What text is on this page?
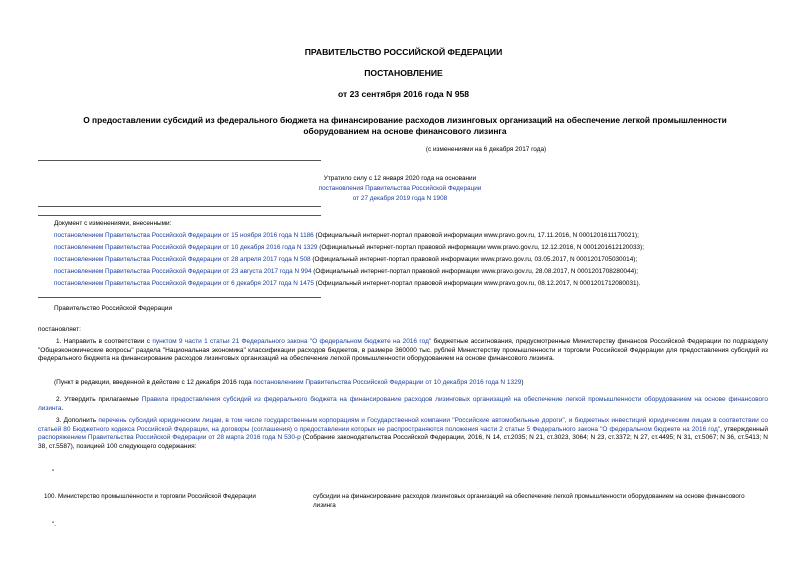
ПРАВИТЕЛЬСТВО РОССИЙСКОЙ ФЕДЕРАЦИИ
ПОСТАНОВЛЕНИЕ
от 23 сентября 2016 года N 958
О предоставлении субсидий из федерального бюджета на финансирование расходов лизинговых организаций на обеспечение легкой промышленности оборудованием на основе финансового лизинга
(с изменениями на 6 декабря 2017 года)
Утратило силу с 12 января 2020 года на основании
постановления Правительства Российской Федерации
от 27 декабря 2019 года N 1908
Документ с изменениями, внесенными:
постановлением Правительства Российской Федерации от 15 ноября 2016 года N 1186 (Официальный интернет-портал правовой информации www.pravo.gov.ru, 17.11.2016, N 0001201611170021);
постановлением Правительства Российской Федерации от 10 декабря 2016 года N 1329 (Официальный интернет-портал правовой информации www.pravo.gov.ru, 12.12.2016, N 0001201612120033);
постановлением Правительства Российской Федерации от 28 апреля 2017 года N 508 (Официальный интернет-портал правовой информации www.pravo.gov.ru, 03.05.2017, N 0001201705030014);
постановлением Правительства Российской Федерации от 23 августа 2017 года N 994 (Официальный интернет-портал правовой информации www.pravo.gov.ru, 28.08.2017, N 0001201708280044);
постановлением Правительства Российской Федерации от 6 декабря 2017 года N 1475 (Официальный интернет-портал правовой информации www.pravo.gov.ru, 08.12.2017, N 0001201712080031).
Правительство Российской Федерации
постановляет:
1. Направить в соответствии с пунктом 9 части 1 статьи 21 Федерального закона "О федеральном бюджете на 2016 год" бюджетные ассигнования, предусмотренные Министерству финансов Российской Федерации по подразделу "Общеэкономические вопросы" раздела "Национальная экономика" классификации расходов бюджетов, в размере 360000 тыс. рублей Министерству промышленности и торговли Российской Федерации для предоставления субсидий из федерального бюджета на финансирование расходов лизинговых организаций на обеспечение легкой промышленности оборудованием на основе финансового лизинга.
(Пункт в редакции, введенной в действие с 12 декабря 2016 года постановлением Правительства Российской Федерации от 10 декабря 2016 года N 1329)
2. Утвердить прилагаемые Правила предоставления субсидий из федерального бюджета на финансирование расходов лизинговых организаций на обеспечение легкой промышленности оборудованием на основе финансового лизинга.
3. Дополнить перечень субсидий юридическим лицам, в том числе государственным корпорациям и Государственной компании "Российские автомобильные дороги", и бюджетных инвестиций юридическим лицам в соответствии со статьей 80 Бюджетного кодекса Российской Федерации, на договоры (соглашения) о предоставлении которых не распространяются положения части 2 статьи 5 Федерального закона "О федеральном бюджете на 2016 год", утвержденный распоряжением Правительства Российской Федерации от 28 марта 2016 года N 530-р (Собрание законодательства Российской Федерации, 2016, N 14, ст.2035; N 21, ст.3023, 3064; N 23, ст.3372; N 27, ст.4495; N 31, ст.5067; N 36, ст.5413; N 38, ст.5587), позицией 100 следующего содержания:
"
100. Министерство промышленности и торговли Российской Федерации	субсидии на финансирование расходов лизинговых организаций на обеспечение легкой промышленности оборудованием на основе финансового лизинга
".
